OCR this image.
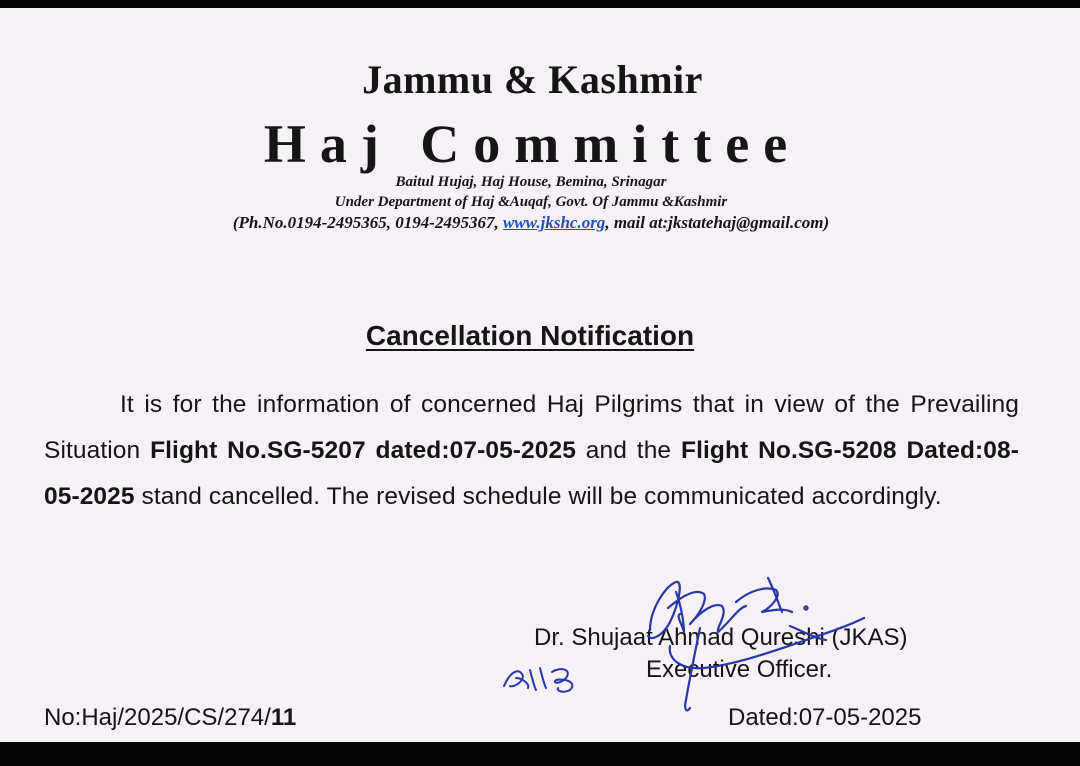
Jammu & Kashmir
Haj Committee
Baitul Hujaj, Haj House, Bemina, Srinagar
Under Department of Haj &Auqaf, Govt. Of Jammu &Kashmir
(Ph.No.0194-2495365, 0194-2495367, www.jkshc.org, mail at:jkstatehaj@gmail.com)
Cancellation Notification
It is for the information of concerned Haj Pilgrims that in view of the Prevailing Situation Flight No.SG-5207 dated:07-05-2025 and the Flight No.SG-5208 Dated:08-05-2025 stand cancelled. The revised schedule will be communicated accordingly.
Dr. Shujaat Ahmad Qureshi (JKAS)
Executive Officer.
No:Haj/2025/CS/274/11	Dated:07-05-2025
